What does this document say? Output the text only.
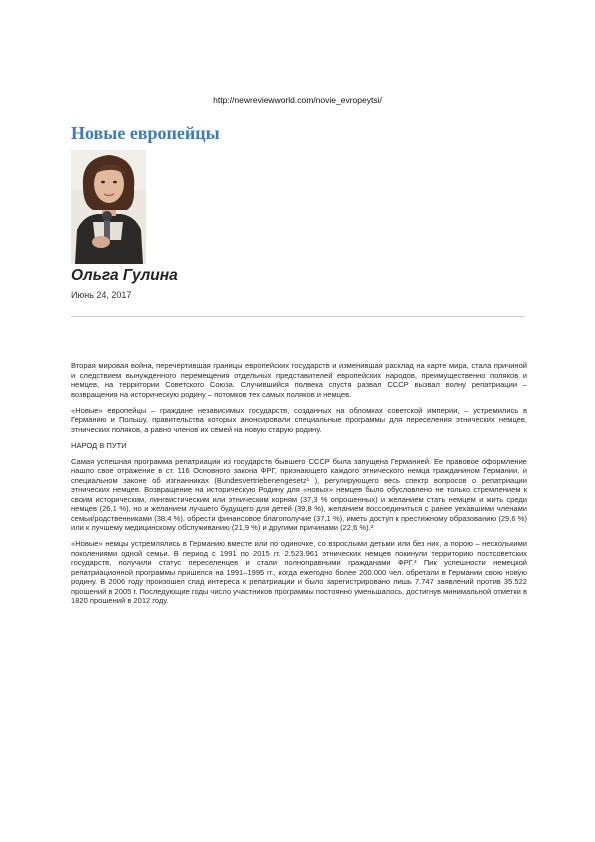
http://newreviewworld.com/novie_evropeytsi/
Новые европейцы
Ольга Гулина
Июнь 24, 2017

Вторая мировая война, перечертившая границы европейских государств и изменившая расклад на карте мира, стала причиной и следствием вынужденного перемещения отдельных представителей европейских народов, преимущественно поляков и немцев, на территории Советского Союза. Случившийся полвека спустя развал СССР вызвал волну репатриации – возвращения на историческую родину – потомков тех самых поляков и немцев.

«Новые» европейцы – граждане независимых государств, созданных на обломках советской империи, – устремились в Германию и Польшу, правительства которых анонсировали специальные программы для переселения этнических немцев, этнических поляков, а равно членов их семей на новую старую родину.

НАРОД В ПУТИ

Самая успешная программа репатриации из государств бывшего СССР была запущена Германией. Ее правовое оформление нашло свое отражение в ст. 116 Основного закона ФРГ, признающего каждого этнического немца гражданином Германии, и специальном законе об изгнанниках (Bundesvertriebenengesetz¹ ), регулирующего весь спектр вопросов о репатриации этнических немцев. Возвращение на историческую Родину для «новых» немцев было обусловлено не только стремлением к своим историческим, лингвистическим или этническим корням (37,3 % опрошенных) и желанием стать немцем и жить среди немцев (26,1 %), но и желанием лучшего будущего для детей (39,8 %), желанием воссоединиться с ранее уехавшими членами семьи/родственниками (38,4 %), обрести финансовое благополучие (37,1 %), иметь доступ к престижному образованию (29,6 %) или к лучшему медицинскому обслуживанию (21,9 %) и другими причинами (22,6 %).²

«Новые» немцы устремлялись в Германию вместе или по одиночке, со взрослыми детьми или без них, а порою – несколькими поколениями одной семьи. В период с 1991 по 2015 гг. 2.523.961 этнических немцев покинули территорию постсоветских государств, получили статус переселенцев и стали полноправными гражданами ФРГ.³ Пик успешности немецкой репатриационной программы пришелся на 1991–1995 гг., когда ежегодно более 200.000 чел. обретали в Германии свою новую родину. В 2006 году произошел спад интереса к репатриации и было зарегистрировано лишь 7.747 заявлений против 35.522 прошений в 2005 г. Последующие годы число участников программы постоянно уменьшалось, достигнув минимальной отметки в 1820 прошений в 2012 году.
